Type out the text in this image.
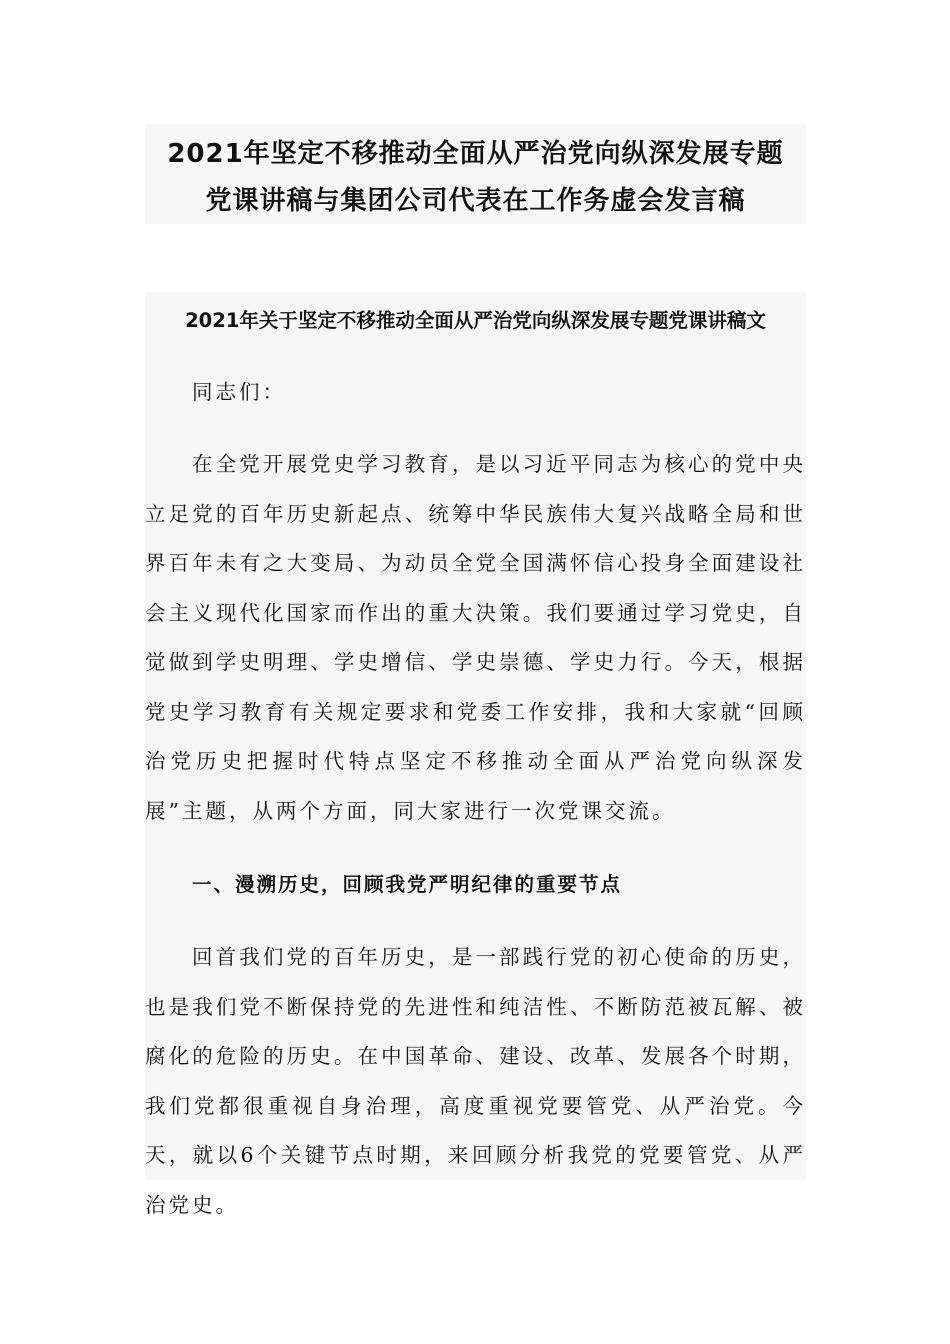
2021年坚定不移推动全面从严治党向纵深发展专题
党课讲稿与集团公司代表在工作务虚会发言稿
2021年关于坚定不移推动全面从严治党向纵深发展专题党课讲稿文
同志们：

在全党开展党史学习教育，是以习近平同志为核心的党中央立足党的百年历史新起点、统筹中华民族伟大复兴战略全局和世界百年未有之大变局、为动员全党全国满怀信心投身全面建设社会主义现代化国家而作出的重大决策。我们要通过学习党史，自觉做到学史明理、学史增信、学史崇德、学史力行。今天，根据党史学习教育有关规定要求和党委工作安排，我和大家就“回顾治党历史把握时代特点坚定不移推动全面从严治党向纵深发展”主题，从两个方面，同大家进行一次党课交流。

一、漫溯历史，回顾我党严明纪律的重要节点

回首我们党的百年历史，是一部践行党的初心使命的历史，也是我们党不断保持党的先进性和纯洁性、不断防范被瓦解、被腐化的危险的历史。在中国革命、建设、改革、发展各个时期，我们党都很重视自身治理，高度重视党要管党、从严治党。今天，就以6个关键节点时期，来回顾分析我党的党要管党、从严治党史。
